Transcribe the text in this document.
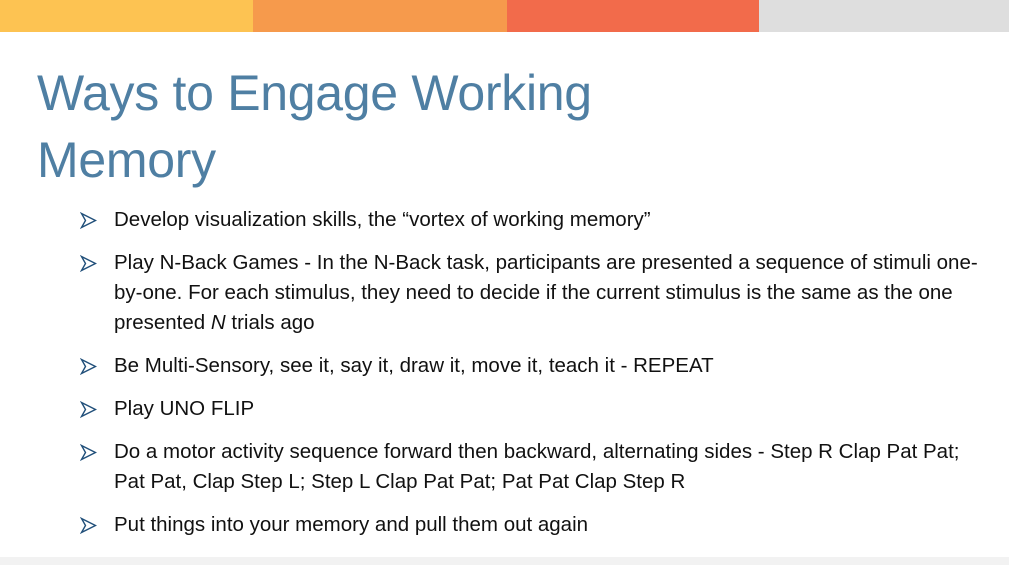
Ways to Engage Working
Memory
Develop visualization skills, the “vortex of working memory”
Play N-Back Games - In the N-Back task, participants are presented a sequence of stimuli one-by-one. For each stimulus, they need to decide if the current stimulus is the same as the one presented N trials ago
Be Multi-Sensory, see it, say it, draw it, move it, teach it - REPEAT
Play UNO FLIP
Do a motor activity sequence forward then backward, alternating sides - Step R Clap Pat Pat; Pat Pat, Clap Step L; Step L Clap Pat Pat; Pat Pat Clap Step R
Put things into your memory and pull them out again
